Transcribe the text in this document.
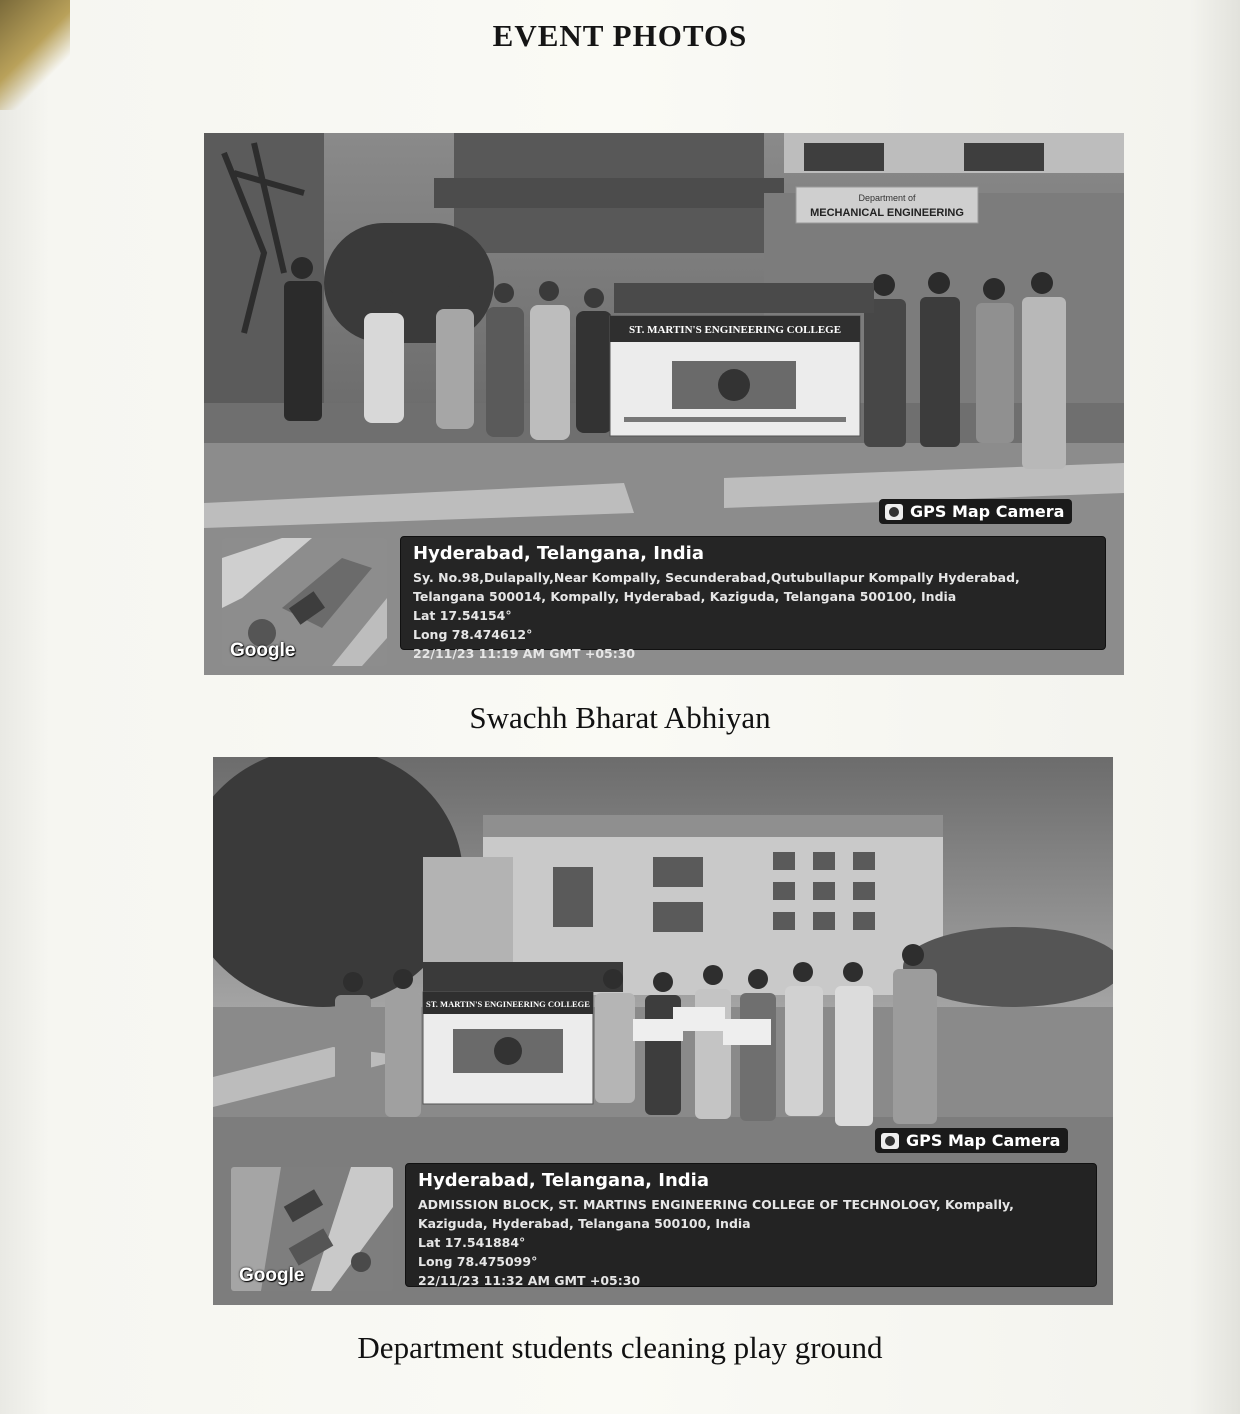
EVENT PHOTOS
Department of
MECHANICAL ENGINEERING
ST. MARTIN'S ENGINEERING COLLEGE
GPS Map Camera
Google
Hyderabad, Telangana, India
Sy. No.98,Dulapally,Near Kompally, Secunderabad,Qutubullapur Kompally Hyderabad,
Telangana 500014, Kompally, Hyderabad, Kaziguda, Telangana 500100, India
Lat 17.54154°
Long 78.474612°
22/11/23 11:19 AM GMT +05:30
Swachh Bharat Abhiyan
ST. MARTIN'S ENGINEERING COLLEGE
GPS Map Camera
Google
Hyderabad, Telangana, India
ADMISSION BLOCK, ST. MARTINS ENGINEERING COLLEGE OF TECHNOLOGY, Kompally,
Kaziguda, Hyderabad, Telangana 500100, India
Lat 17.541884°
Long 78.475099°
22/11/23 11:32 AM GMT +05:30
Department students cleaning play ground
